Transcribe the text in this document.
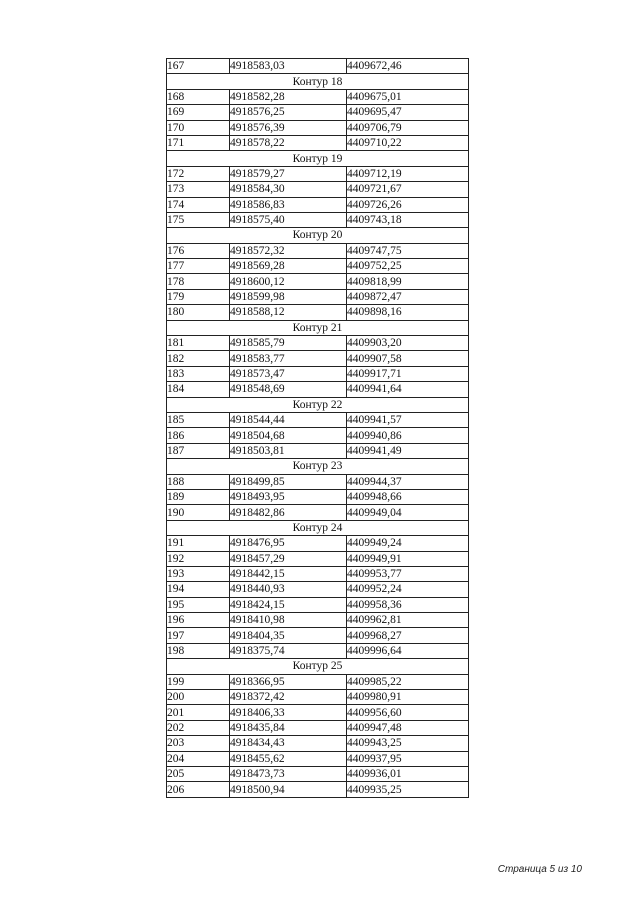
167	4918583,03	4409672,46
Контур 18		
168	4918582,28	4409675,01
169	4918576,25	4409695,47
170	4918576,39	4409706,79
171	4918578,22	4409710,22
Контур 19		
172	4918579,27	4409712,19
173	4918584,30	4409721,67
174	4918586,83	4409726,26
175	4918575,40	4409743,18
Контур 20		
176	4918572,32	4409747,75
177	4918569,28	4409752,25
178	4918600,12	4409818,99
179	4918599,98	4409872,47
180	4918588,12	4409898,16
Контур 21		
181	4918585,79	4409903,20
182	4918583,77	4409907,58
183	4918573,47	4409917,71
184	4918548,69	4409941,64
Контур 22		
185	4918544,44	4409941,57
186	4918504,68	4409940,86
187	4918503,81	4409941,49
Контур 23		
188	4918499,85	4409944,37
189	4918493,95	4409948,66
190	4918482,86	4409949,04
Контур 24		
191	4918476,95	4409949,24
192	4918457,29	4409949,91
193	4918442,15	4409953,77
194	4918440,93	4409952,24
195	4918424,15	4409958,36
196	4918410,98	4409962,81
197	4918404,35	4409968,27
198	4918375,74	4409996,64
Контур 25		
199	4918366,95	4409985,22
200	4918372,42	4409980,91
201	4918406,33	4409956,60
202	4918435,84	4409947,48
203	4918434,43	4409943,25
204	4918455,62	4409937,95
205	4918473,73	4409936,01
206	4918500,94	4409935,25
Страница 5 из 10
